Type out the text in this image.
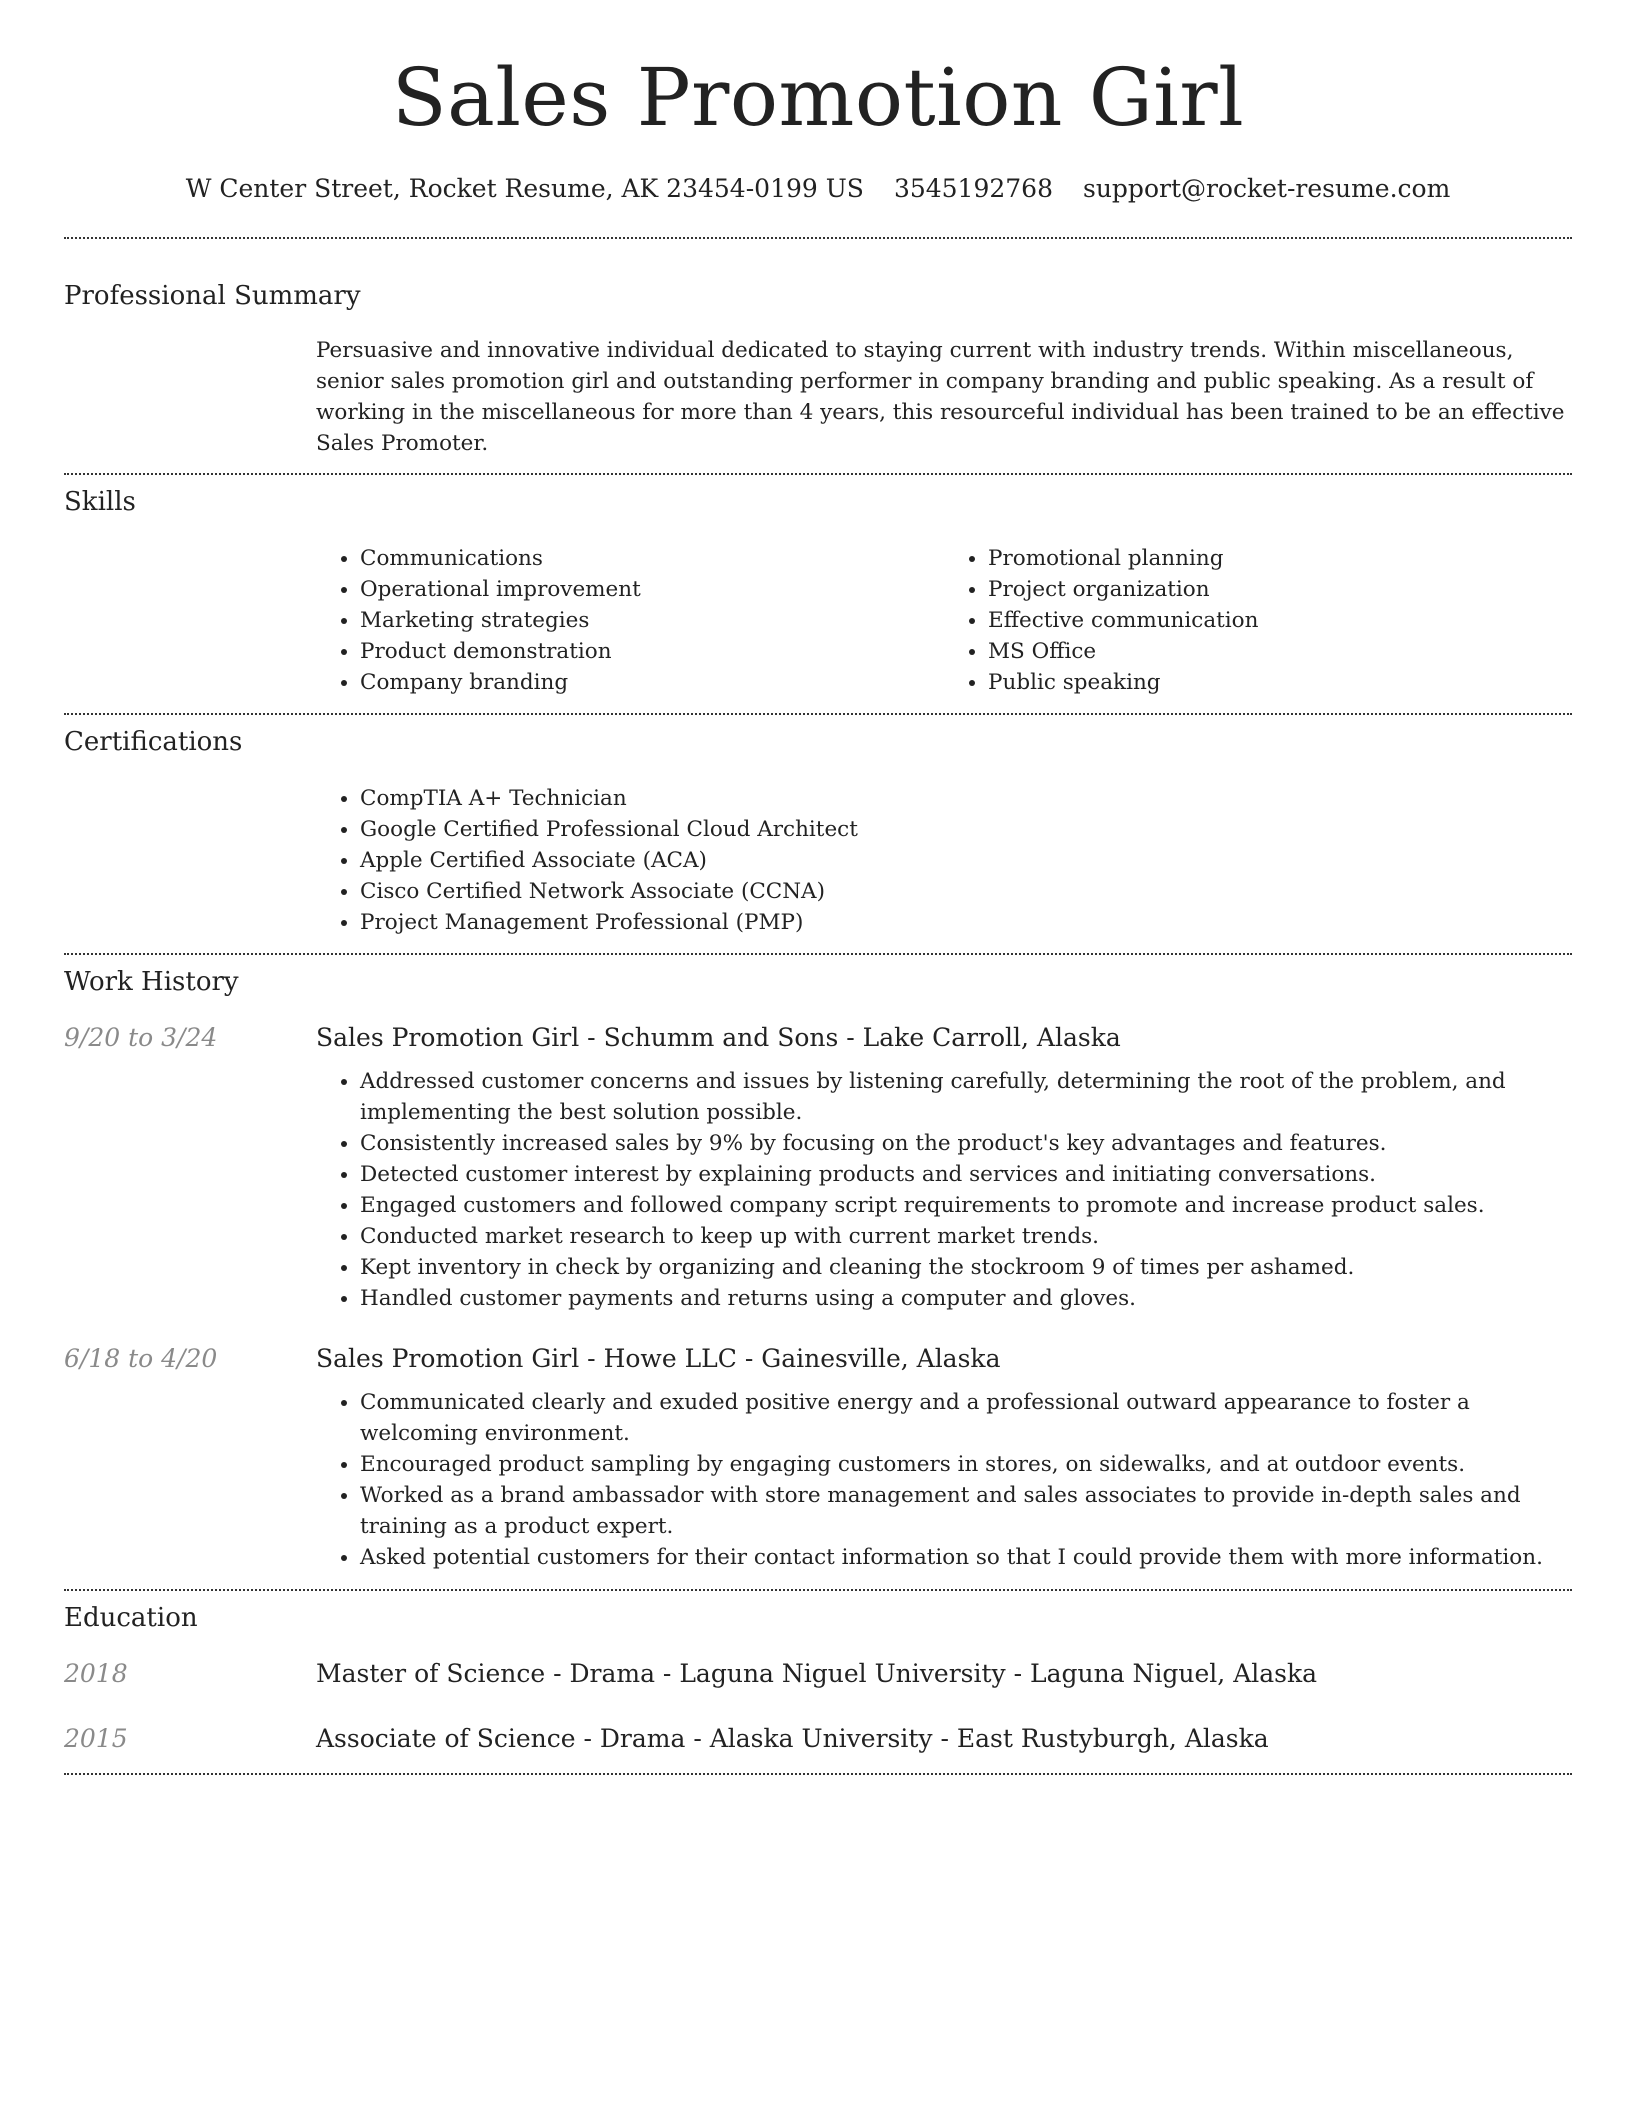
Sales Promotion Girl
W Center Street, Rocket Resume, AK 23454-0199 US 3545192768 support@rocket-resume.com
Professional Summary
Persuasive and innovative individual dedicated to staying current with industry trends. Within miscellaneous, senior sales promotion girl and outstanding performer in company branding and public speaking. As a result of working in the miscellaneous for more than 4 years, this resourceful individual has been trained to be an effective Sales Promoter.
Skills
• Communications
• Operational improvement
• Marketing strategies
• Product demonstration
• Company branding
• Promotional planning
• Project organization
• Effective communication
• MS Office
• Public speaking
Certifications
• CompTIA A+ Technician
• Google Certified Professional Cloud Architect
• Apple Certified Associate (ACA)
• Cisco Certified Network Associate (CCNA)
• Project Management Professional (PMP)
Work History
9/20 to 3/24	Sales Promotion Girl - Schumm and Sons - Lake Carroll, Alaska
• Addressed customer concerns and issues by listening carefully, determining the root of the problem, and implementing the best solution possible.
• Consistently increased sales by 9% by focusing on the product's key advantages and features.
• Detected customer interest by explaining products and services and initiating conversations.
• Engaged customers and followed company script requirements to promote and increase product sales.
• Conducted market research to keep up with current market trends.
• Kept inventory in check by organizing and cleaning the stockroom 9 of times per ashamed.
• Handled customer payments and returns using a computer and gloves.
6/18 to 4/20	Sales Promotion Girl - Howe LLC - Gainesville, Alaska
• Communicated clearly and exuded positive energy and a professional outward appearance to foster a welcoming environment.
• Encouraged product sampling by engaging customers in stores, on sidewalks, and at outdoor events.
• Worked as a brand ambassador with store management and sales associates to provide in-depth sales and training as a product expert.
• Asked potential customers for their contact information so that I could provide them with more information.
Education
2018	Master of Science - Drama - Laguna Niguel University - Laguna Niguel, Alaska
2015	Associate of Science - Drama - Alaska University - East Rustyburgh, Alaska
